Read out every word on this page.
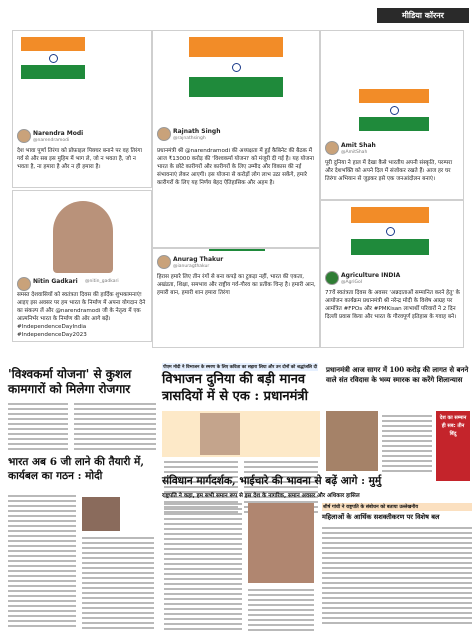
मीडिया कॉरनर
Narendra Modi
@narendramodi
देश भावा पूर्णा तिरंगा को प्रोफ़ाइल पिक्चर बनाने पर वह तिरंगा गर्व से और सब इस मुहिम में भाग ले, जो न भवता है, जो न भवता है, ना हमारा है और न ही हमारा है।
Rajnath Singh
@rajnathsingh
प्रधानमंत्री श्री @narendramodi की अध्यक्षता में हुई कैबिनेट की बैठक में आज ₹13000 करोड़ की 'विश्वकर्मा योजना' को मंजूरी दी गई है। यह योजना भारत के छोटे कारीगरों और कारीगरों के लिए उम्मीद और विकास की नई संभावनाएं लेकर आएगी। इस योजना से करोड़ों लोग लाभ उठा सकेंगे, हमारे कारीगरों के लिए यह निर्णय बेहद ऐतिहासिक और अहम है।
Amit Shah
@AmitShah
पूरी दुनिया ने हाल में देखा कैसे भारतीय अपनी संस्कृति, परम्परा और देशभक्ति को अपने दिल में संजोकर रखते हैं। आज हर घर तिरंगा अभियान से जुड़कर इसे एक जनआंदोलन बनाएं।
Nitin Gadkari @nitin_gadkari
समस्त देशवासियों को स्वतंत्रता दिवस की हार्दिक शुभकामनाएं! आइए इस अवसर पर हम भारत के निर्माण में अपना योगदान देने का संकल्प लें और @narendramodi जी के नेतृत्व में एक आत्मनिर्भर भारत के निर्माण की ओर आगे बढ़ें। #IndependenceDayIndia #IndependenceDay2023
Anurag Thakur
@ianuragthakur
हिरास हमारे लिए तीन रंगों से बना कपड़े का टुकड़ा नहीं, भारत की एकता, अखंडता, शिक्षा, समभाव और राष्ट्रीय गर्व-गौरव का प्रतीक चिन्ह है। हमारी आन, हमारी बान, हमारी शान हमारा तिरंगा
Agriculture INDIA
@AgriGoI
77वें स्वतंत्रता दिवस के अवसर 'अन्नदाताओं सम्मानित करने हेतु' के आयोजन कार्यक्रम प्रधानमंत्री श्री नरेन्द्र मोदी के विशेष आग्रह पर आमंत्रित #FPOs और #PMKisan लाभार्थी परिवारों ने 2 दिन दिल्ली प्रवास किया और भारत के गौरवपूर्ण इतिहास के गवाह बने।
'विश्वकर्मा योजना' से कुशल कामगारों को मिलेगा रोजगार
भारत अब 6 जी लाने की तैयारी में, कार्यबल का गठन : मोदी
पीएम मोदी ने विभाजन के स्मरण के लिए कविता का सहारा लिया और उन दोनों को श्रद्धांजलि दी
विभाजन दुनिया की बड़ी मानव त्रासदियों में से एक : प्रधानमंत्री
प्रधानमंत्री आज सागर में 100 करोड़ की लागत से बनने वाले संत रविदास के भव्य स्मारक का करेंगे शिलान्यास
देश का सम्मान ही सब: तीन बिंदु
संविधान मार्गदर्शक, भाईचारे की भावना से बढ़ें आगे : मुर्मु
राष्ट्रपति ने कहा, हम सभी समान रूप से इस देश के नागरिक, समान अवसर और अधिकार हासिल
शीर्ष गांधी ने राष्ट्रपति के संबोधन को बताया उल्लेखनीय
महिलाओं के आर्थिक सशक्तीकरण पर विशेष बल
